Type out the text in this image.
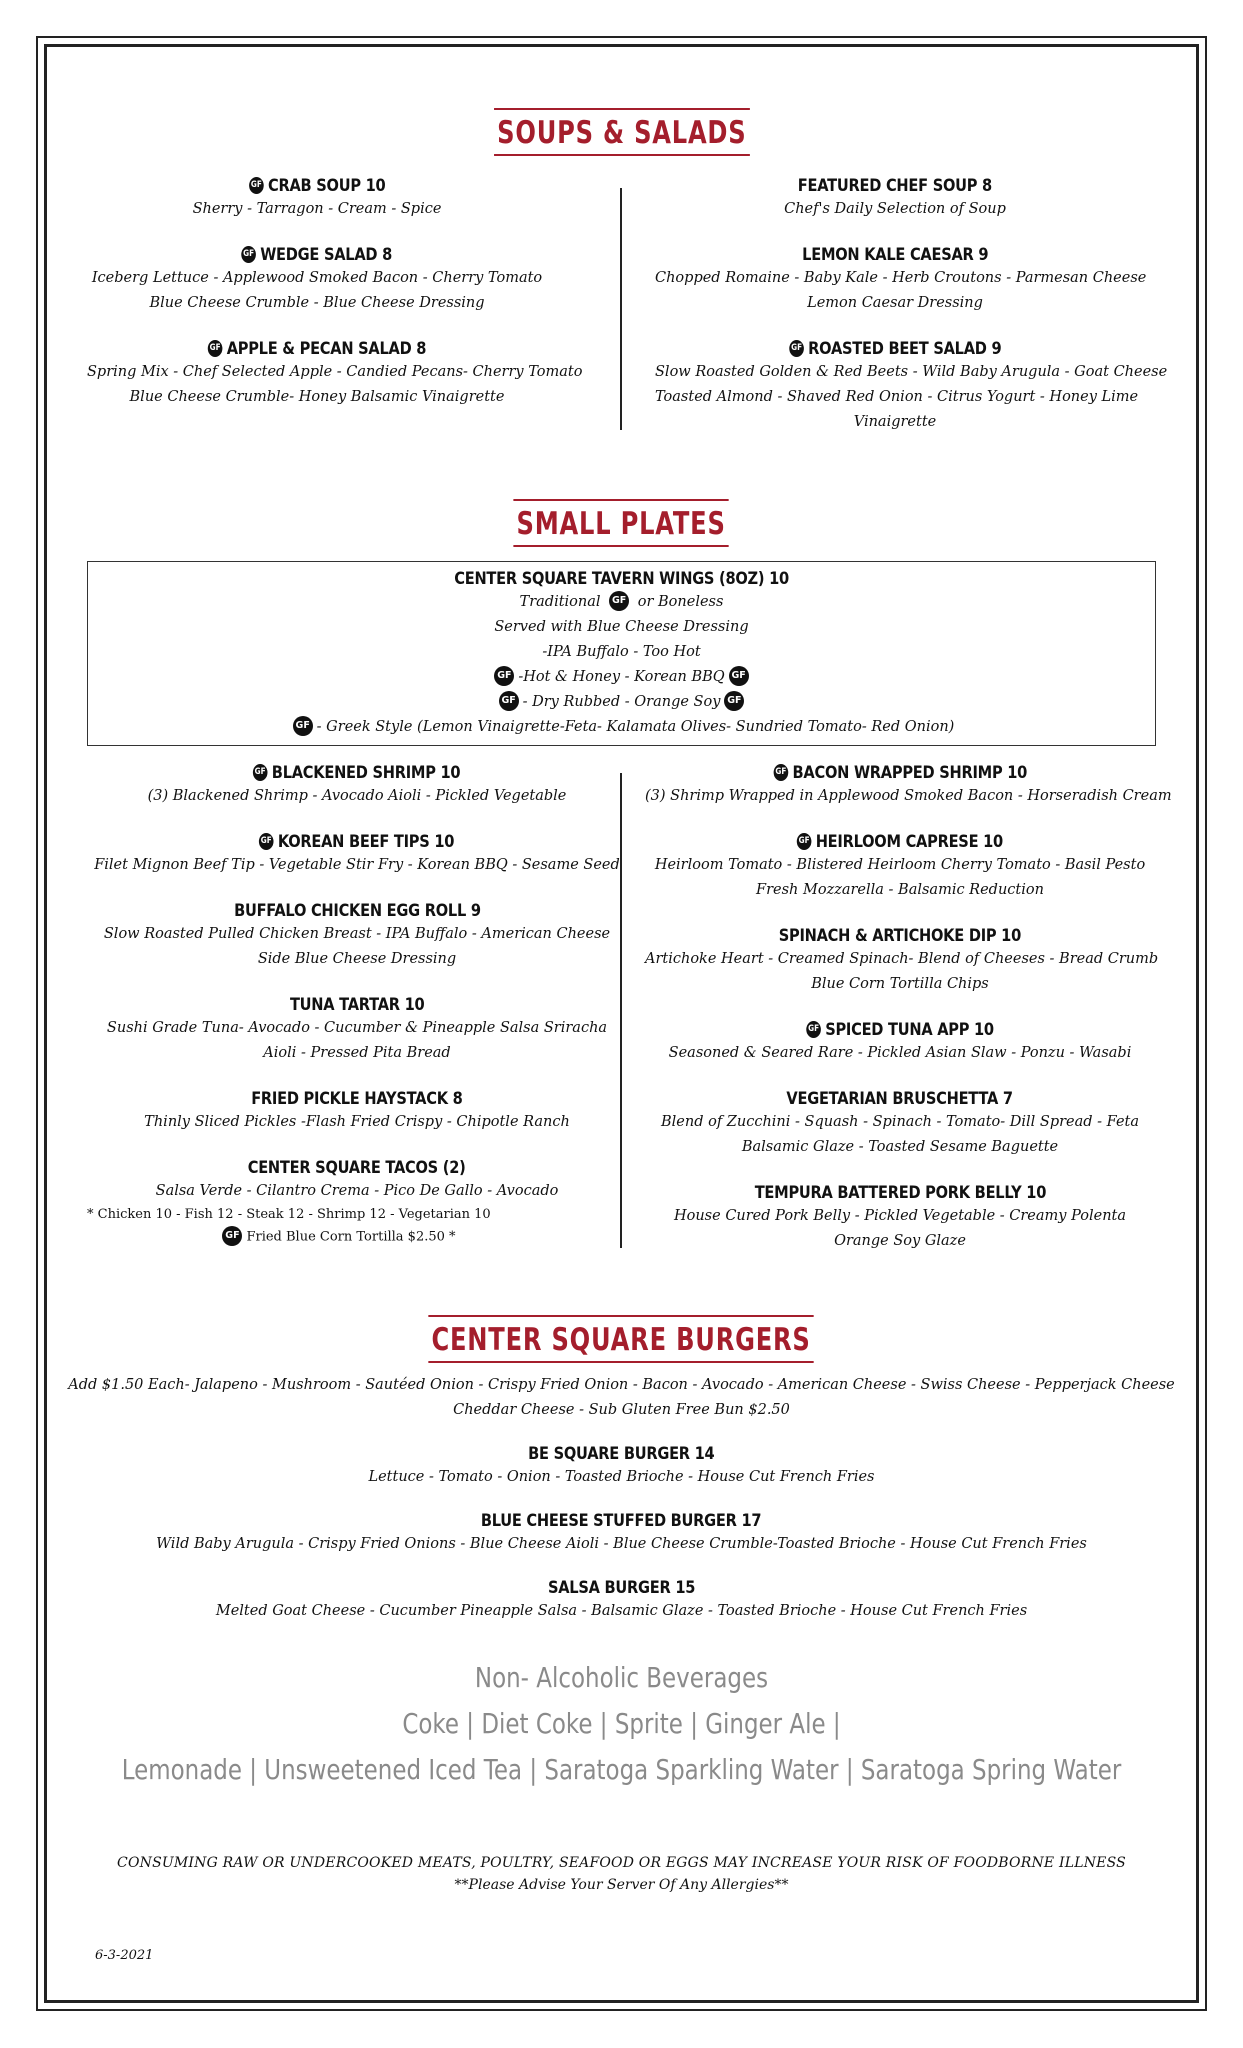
SOUPS & SALADS
GF CRAB SOUP 10
Sherry - Tarragon - Cream - Spice
GF WEDGE SALAD 8
Iceberg Lettuce - Applewood Smoked Bacon - Cherry Tomato
Blue Cheese Crumble - Blue Cheese Dressing
GF APPLE & PECAN SALAD 8
Spring Mix - Chef Selected Apple - Candied Pecans- Cherry Tomato
Blue Cheese Crumble- Honey Balsamic Vinaigrette
FEATURED CHEF SOUP 8
Chef's Daily Selection of Soup
LEMON KALE CAESAR 9
Chopped Romaine - Baby Kale - Herb Croutons - Parmesan Cheese
Lemon Caesar Dressing
GF ROASTED BEET SALAD 9
Slow Roasted Golden & Red Beets - Wild Baby Arugula - Goat Cheese
Toasted Almond - Shaved Red Onion - Citrus Yogurt - Honey Lime
Vinaigrette
SMALL PLATES
CENTER SQUARE TAVERN WINGS (8OZ) 10
Traditional GF or Boneless
Served with Blue Cheese Dressing
-IPA Buffalo - Too Hot
GF -Hot & Honey - Korean BBQ GF
GF - Dry Rubbed - Orange Soy GF
GF - Greek Style (Lemon Vinaigrette-Feta- Kalamata Olives- Sundried Tomato- Red Onion)
GF BLACKENED SHRIMP 10
(3) Blackened Shrimp - Avocado Aioli - Pickled Vegetable
GF KOREAN BEEF TIPS 10
Filet Mignon Beef Tip - Vegetable Stir Fry - Korean BBQ - Sesame Seed
BUFFALO CHICKEN EGG ROLL 9
Slow Roasted Pulled Chicken Breast - IPA Buffalo - American Cheese
Side Blue Cheese Dressing
TUNA TARTAR 10
Sushi Grade Tuna- Avocado - Cucumber & Pineapple Salsa Sriracha
Aioli - Pressed Pita Bread
FRIED PICKLE HAYSTACK 8
Thinly Sliced Pickles -Flash Fried Crispy - Chipotle Ranch
CENTER SQUARE TACOS (2)
Salsa Verde - Cilantro Crema - Pico De Gallo - Avocado
* Chicken 10 - Fish 12 - Steak 12 - Shrimp 12 - Vegetarian 10
GF Fried Blue Corn Tortilla $2.50 *
GF BACON WRAPPED SHRIMP 10
(3) Shrimp Wrapped in Applewood Smoked Bacon - Horseradish Cream
GF HEIRLOOM CAPRESE 10
Heirloom Tomato - Blistered Heirloom Cherry Tomato - Basil Pesto
Fresh Mozzarella - Balsamic Reduction
SPINACH & ARTICHOKE DIP 10
Artichoke Heart - Creamed Spinach- Blend of Cheeses - Bread Crumb
Blue Corn Tortilla Chips
GF SPICED TUNA APP 10
Seasoned & Seared Rare - Pickled Asian Slaw - Ponzu - Wasabi
VEGETARIAN BRUSCHETTA 7
Blend of Zucchini - Squash - Spinach - Tomato- Dill Spread - Feta
Balsamic Glaze - Toasted Sesame Baguette
TEMPURA BATTERED PORK BELLY 10
House Cured Pork Belly - Pickled Vegetable - Creamy Polenta
Orange Soy Glaze
CENTER SQUARE BURGERS
Add $1.50 Each- Jalapeno - Mushroom - Sautéed Onion - Crispy Fried Onion - Bacon - Avocado - American Cheese - Swiss Cheese - Pepperjack Cheese
Cheddar Cheese - Sub Gluten Free Bun $2.50
BE SQUARE BURGER 14
Lettuce - Tomato - Onion - Toasted Brioche - House Cut French Fries
BLUE CHEESE STUFFED BURGER 17
Wild Baby Arugula - Crispy Fried Onions - Blue Cheese Aioli - Blue Cheese Crumble-Toasted Brioche - House Cut French Fries
SALSA BURGER 15
Melted Goat Cheese - Cucumber Pineapple Salsa - Balsamic Glaze - Toasted Brioche - House Cut French Fries
Non- Alcoholic Beverages
Coke | Diet Coke | Sprite | Ginger Ale |
Lemonade | Unsweetened Iced Tea | Saratoga Sparkling Water | Saratoga Spring Water
CONSUMING RAW OR UNDERCOOKED MEATS, POULTRY, SEAFOOD OR EGGS MAY INCREASE YOUR RISK OF FOODBORNE ILLNESS
**Please Advise Your Server Of Any Allergies**
6-3-2021
